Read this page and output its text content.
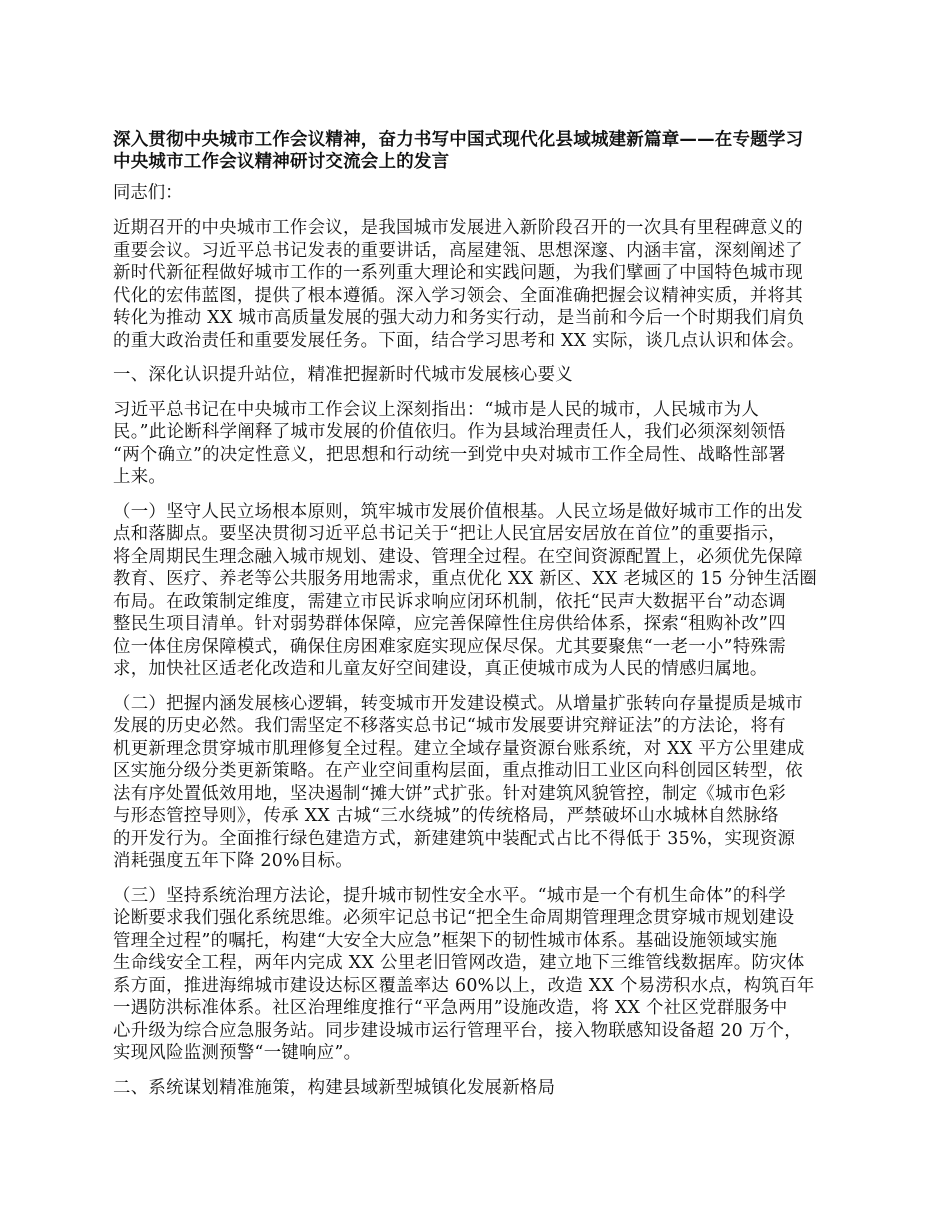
深入贯彻中央城市工作会议精神，奋力书写中国式现代化县域城建新篇章——在专题学习
中央城市工作会议精神研讨交流会上的发言
同志们：
近期召开的中央城市工作会议，是我国城市发展进入新阶段召开的一次具有里程碑意义的
重要会议。习近平总书记发表的重要讲话，高屋建瓴、思想深邃、内涵丰富，深刻阐述了
新时代新征程做好城市工作的一系列重大理论和实践问题，为我们擘画了中国特色城市现
代化的宏伟蓝图，提供了根本遵循。深入学习领会、全面准确把握会议精神实质，并将其
转化为推动 XX 城市高质量发展的强大动力和务实行动，是当前和今后一个时期我们肩负
的重大政治责任和重要发展任务。下面，结合学习思考和 XX 实际，谈几点认识和体会。
一、深化认识提升站位，精准把握新时代城市发展核心要义
习近平总书记在中央城市工作会议上深刻指出：“城市是人民的城市，人民城市为人
民。”此论断科学阐释了城市发展的价值依归。作为县域治理责任人，我们必须深刻领悟
“两个确立”的决定性意义，把思想和行动统一到党中央对城市工作全局性、战略性部署
上来。
（一）坚守人民立场根本原则，筑牢城市发展价值根基。人民立场是做好城市工作的出发
点和落脚点。要坚决贯彻习近平总书记关于“把让人民宜居安居放在首位”的重要指示，
将全周期民生理念融入城市规划、建设、管理全过程。在空间资源配置上，必须优先保障
教育、医疗、养老等公共服务用地需求，重点优化 XX 新区、XX 老城区的 15 分钟生活圈
布局。在政策制定维度，需建立市民诉求响应闭环机制，依托“民声大数据平台”动态调
整民生项目清单。针对弱势群体保障，应完善保障性住房供给体系，探索“租购补改”四
位一体住房保障模式，确保住房困难家庭实现应保尽保。尤其要聚焦“一老一小”特殊需
求，加快社区适老化改造和儿童友好空间建设，真正使城市成为人民的情感归属地。
（二）把握内涵发展核心逻辑，转变城市开发建设模式。从增量扩张转向存量提质是城市
发展的历史必然。我们需坚定不移落实总书记“城市发展要讲究辩证法”的方法论，将有
机更新理念贯穿城市肌理修复全过程。建立全域存量资源台账系统，对 XX 平方公里建成
区实施分级分类更新策略。在产业空间重构层面，重点推动旧工业区向科创园区转型，依
法有序处置低效用地，坚决遏制“摊大饼”式扩张。针对建筑风貌管控，制定《城市色彩
与形态管控导则》，传承 XX 古城“三水绕城”的传统格局，严禁破坏山水城林自然脉络
的开发行为。全面推行绿色建造方式，新建建筑中装配式占比不得低于 35%，实现资源
消耗强度五年下降 20%目标。
（三）坚持系统治理方法论，提升城市韧性安全水平。“城市是一个有机生命体”的科学
论断要求我们强化系统思维。必须牢记总书记“把全生命周期管理理念贯穿城市规划建设
管理全过程”的嘱托，构建“大安全大应急”框架下的韧性城市体系。基础设施领域实施
生命线安全工程，两年内完成 XX 公里老旧管网改造，建立地下三维管线数据库。防灾体
系方面，推进海绵城市建设达标区覆盖率达 60%以上，改造 XX 个易涝积水点，构筑百年
一遇防洪标准体系。社区治理维度推行“平急两用”设施改造，将 XX 个社区党群服务中
心升级为综合应急服务站。同步建设城市运行管理平台，接入物联感知设备超 20 万个，
实现风险监测预警“一键响应”。
二、系统谋划精准施策，构建县域新型城镇化发展新格局
